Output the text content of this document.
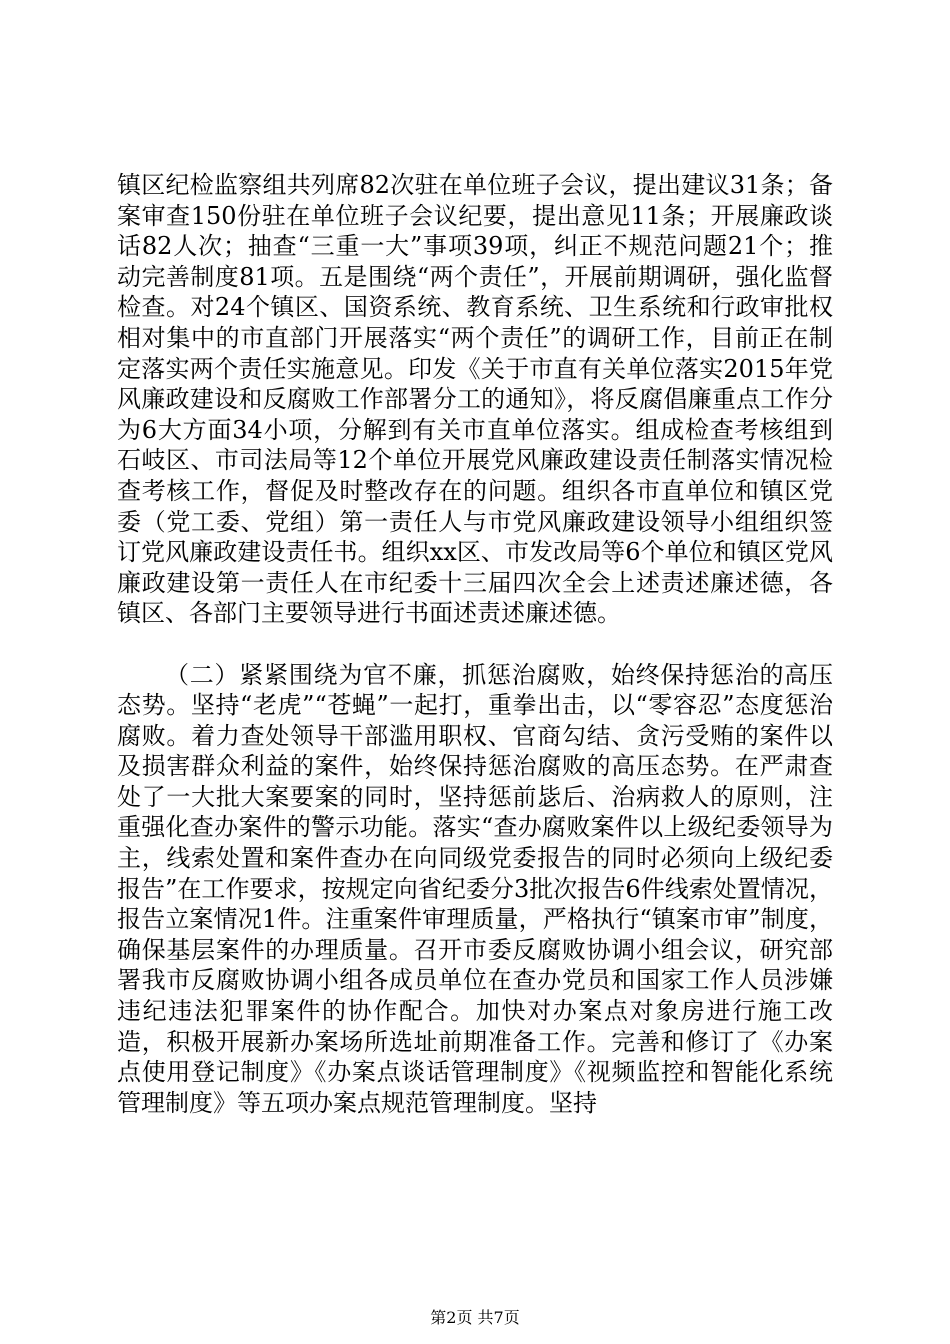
镇区纪检监察组共列席82次驻在单位班子会议，提出建议31条；备案审查150份驻在单位班子会议纪要，提出意见11条；开展廉政谈话82人次；抽查“三重一大”事项39项，纠正不规范问题21个；推动完善制度81项。五是围绕“两个责任”，开展前期调研，强化监督检查。对24个镇区、国资系统、教育系统、卫生系统和行政审批权相对集中的市直部门开展落实“两个责任”的调研工作，目前正在制定落实两个责任实施意见。印发《关于市直有关单位落实2015年党风廉政建设和反腐败工作部署分工的通知》，将反腐倡廉重点工作分为6大方面34小项，分解到有关市直单位落实。组成检查考核组到石岐区、市司法局等12个单位开展党风廉政建设责任制落实情况检查考核工作，督促及时整改存在的问题。组织各市直单位和镇区党委（党工委、党组）第一责任人与市党风廉政建设领导小组组织签订党风廉政建设责任书。组织xx区、市发改局等6个单位和镇区党风廉政建设第一责任人在市纪委十三届四次全会上述责述廉述德，各镇区、各部门主要领导进行书面述责述廉述德。

（二）紧紧围绕为官不廉，抓惩治腐败，始终保持惩治的高压态势。坚持“老虎”“苍蝇”一起打，重拳出击，以“零容忍”态度惩治腐败。着力查处领导干部滥用职权、官商勾结、贪污受贿的案件以及损害群众利益的案件，始终保持惩治腐败的高压态势。在严肃查处了一大批大案要案的同时，坚持惩前毖后、治病救人的原则，注重强化查办案件的警示功能。落实“查办腐败案件以上级纪委领导为主，线索处置和案件查办在向同级党委报告的同时必须向上级纪委报告”在工作要求，按规定向省纪委分3批次报告6件线索处置情况，报告立案情况1件。注重案件审理质量，严格执行“镇案市审”制度，确保基层案件的办理质量。召开市委反腐败协调小组会议，研究部署我市反腐败协调小组各成员单位在查办党员和国家工作人员涉嫌违纪违法犯罪案件的协作配合。加快对办案点对象房进行施工改造，积极开展新办案场所选址前期准备工作。完善和修订了《办案点使用登记制度》《办案点谈话管理制度》《视频监控和智能化系统管理制度》等五项办案点规范管理制度。坚持

第2页 共7页
